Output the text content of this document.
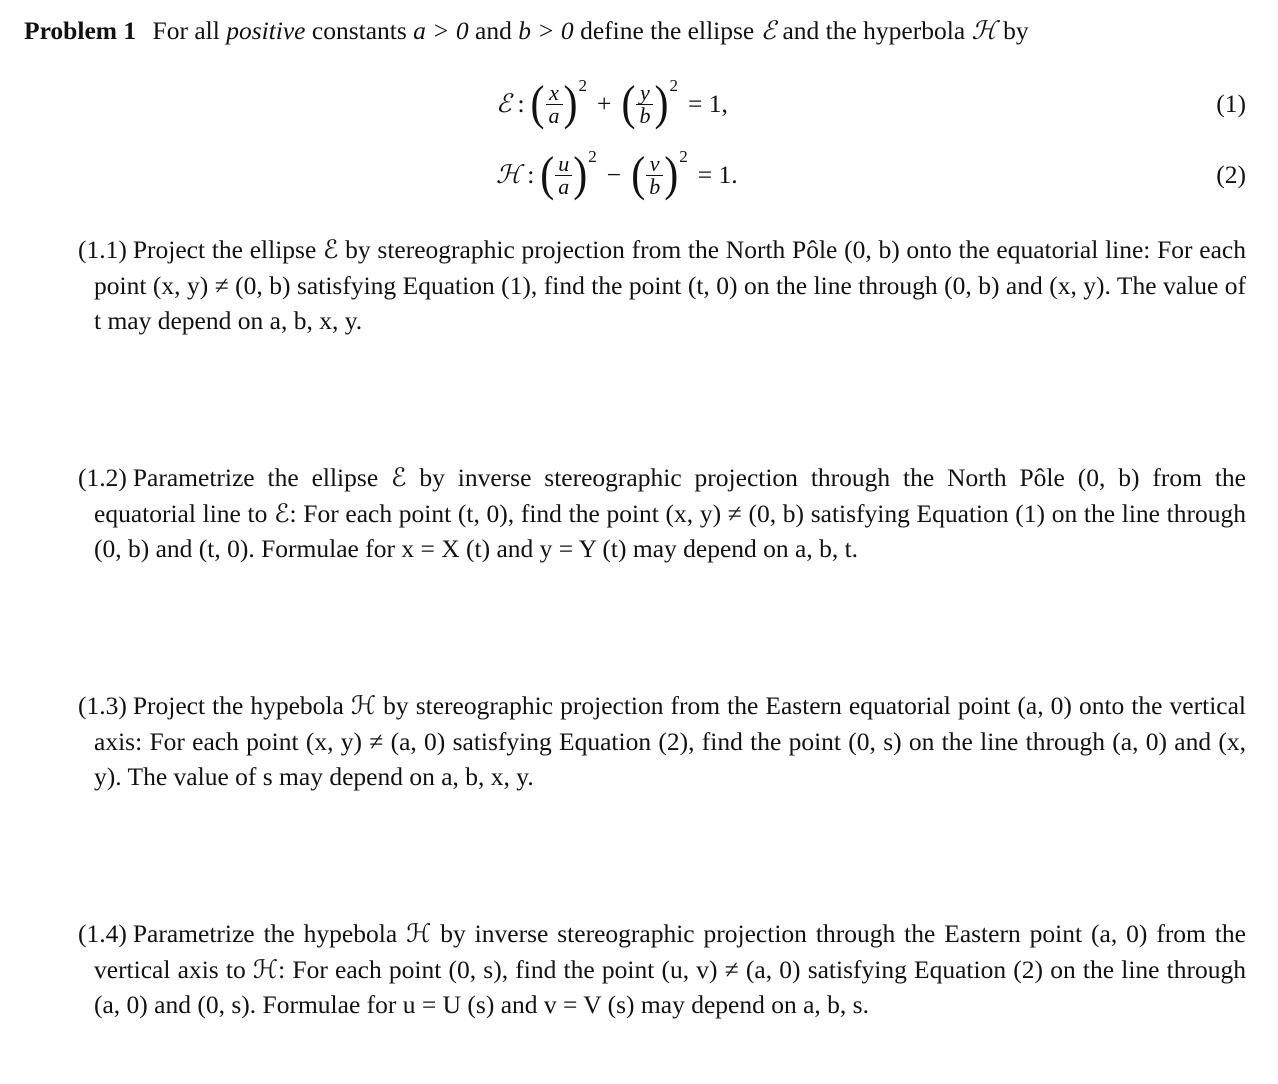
Problem 1 For all positive constants a > 0 and b > 0 define the ellipse ℰ and the hyperbola ℋ by
ℰ : ( $\frac{x}{a}$ ) 2
+ ( $\frac{y}{b}$ ) 2
= 1,	(1)
ℋ : ( $\frac{u}{a}$ ) 2
− ( $\frac{v}{b}$ ) 2
= 1.	(2)

(1.1) Project the ellipse ℰ by stereographic projection from the North Pôle (0, b) onto the equatorial line: For each point (x, y) ≠ (0, b) satisfying Equation (1), find the point (t, 0) on the line through (0, b) and (x, y). The value of t may depend on a, b, x, y.

(1.2) Parametrize the ellipse ℰ by inverse stereographic projection through the North Pôle (0, b) from the equatorial line to ℰ: For each point (t, 0), find the point (x, y) ≠ (0, b) satisfying Equation (1) on the line through (0, b) and (t, 0). Formulae for x = X (t) and y = Y (t) may depend on a, b, t.

(1.3) Project the hypebola ℋ by stereographic projection from the Eastern equatorial point (a, 0) onto the vertical axis: For each point (x, y) ≠ (a, 0) satisfying Equation (2), find the point (0, s) on the line through (a, 0) and (x, y). The value of s may depend on a, b, x, y.

(1.4) Parametrize the hypebola ℋ by inverse stereographic projection through the Eastern point (a, 0) from the vertical axis to ℋ: For each point (0, s), find the point (u, v) ≠ (a, 0) satisfying Equation (2) on the line through (a, 0) and (0, s). Formulae for u = U (s) and v = V (s) may depend on a, b, s.
